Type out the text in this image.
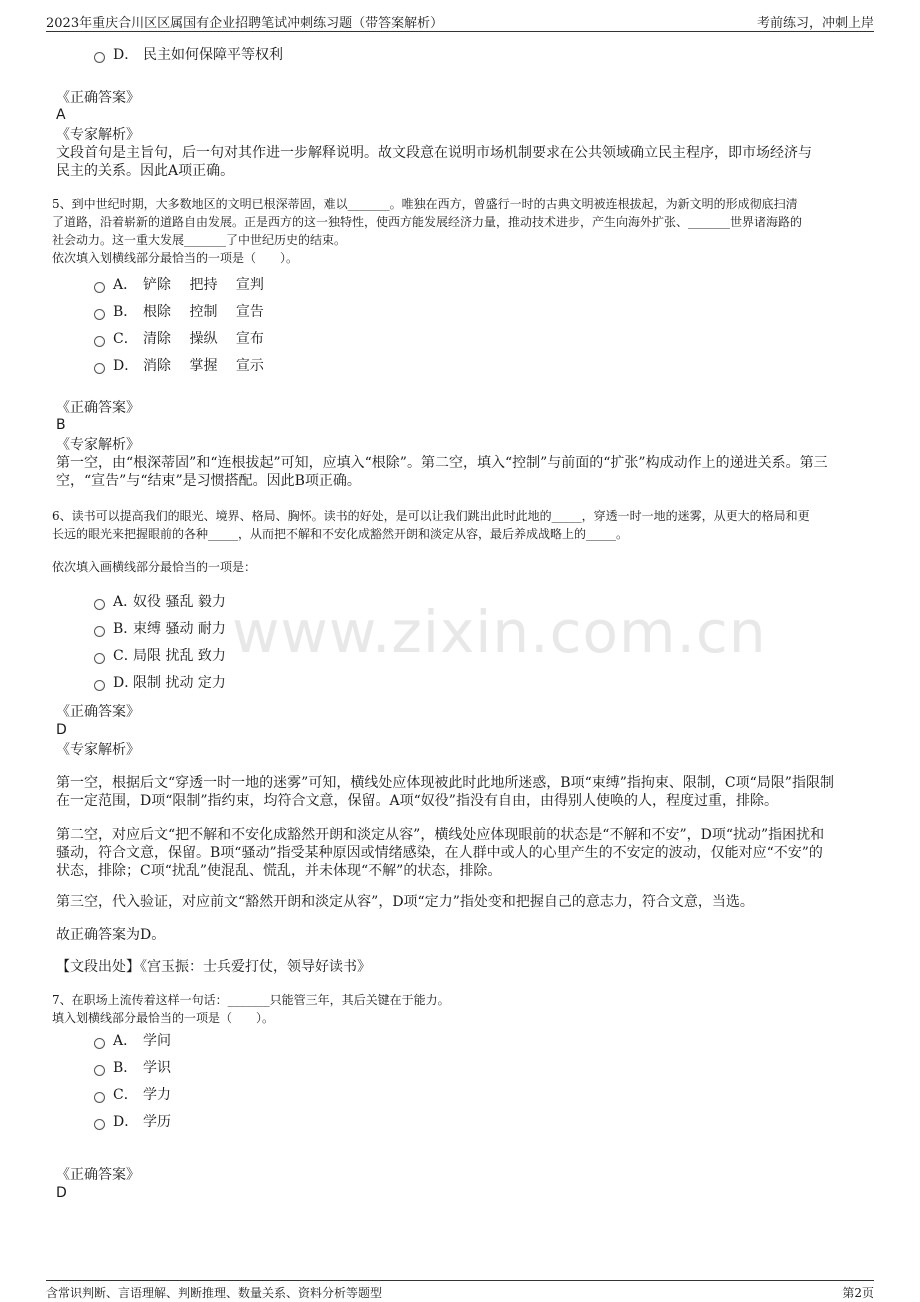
2023年重庆合川区区属国有企业招聘笔试冲刺练习题（带答案解析）	考前练习，冲刺上岸
www.zixin.com.cn
D． 民主如何保障平等权利
《正确答案》
A
《专家解析》
文段首句是主旨句，后一句对其作进一步解释说明。故文段意在说明市场机制要求在公共领域确立民主程序，即市场经济与
民主的关系。因此A项正确。
5、到中世纪时期，大多数地区的文明已根深蒂固，难以_______。唯独在西方，曾盛行一时的古典文明被连根拔起，为新文明的形成彻底扫清
了道路，沿着崭新的道路自由发展。正是西方的这一独特性，使西方能发展经济力量，推动技术进步，产生向海外扩张、_______世界诸海路的
社会动力。这一重大发展_______了中世纪历史的结束。
依次填入划横线部分最恰当的一项是（　　）。
A． 铲除　 把持　 宣判
B． 根除　 控制　 宣告
C． 清除　 操纵　 宣布
D． 消除　 掌握　 宣示
《正确答案》
B
《专家解析》
第一空，由“根深蒂固”和“连根拔起”可知，应填入“根除”。第二空，填入“控制”与前面的“扩张”构成动作上的递进关系。第三
空，“宣告”与“结束”是习惯搭配。因此B项正确。
6、读书可以提高我们的眼光、境界、格局、胸怀。读书的好处，是可以让我们跳出此时此地的_____，穿透一时一地的迷雾，从更大的格局和更
长远的眼光来把握眼前的各种_____，从而把不解和不安化成豁然开朗和淡定从容，最后养成战略上的_____。
依次填入画横线部分最恰当的一项是：
A．奴役 骚乱 毅力
B．束缚 骚动 耐力
C．局限 扰乱 致力
D．限制 扰动 定力
《正确答案》
D
《专家解析》
第一空，根据后文“穿透一时一地的迷雾”可知，横线处应体现被此时此地所迷惑，B项“束缚”指拘束、限制，C项“局限”指限制
在一定范围，D项“限制”指约束，均符合文意，保留。A项“奴役”指没有自由，由得别人使唤的人，程度过重，排除。
第二空，对应后文“把不解和不安化成豁然开朗和淡定从容”，横线处应体现眼前的状态是“不解和不安”，D项“扰动”指困扰和
骚动，符合文意，保留。B项“骚动”指受某种原因或情绪感染，在人群中或人的心里产生的不安定的波动，仅能对应“不安”的
状态，排除；C项“扰乱”使混乱、慌乱，并未体现“不解”的状态，排除。
第三空，代入验证，对应前文“豁然开朗和淡定从容”，D项“定力”指处变和把握自己的意志力，符合文意，当选。
故正确答案为D。
【文段出处】《宫玉振：士兵爱打仗，领导好读书》
7、在职场上流传着这样一句话：_______只能管三年，其后关键在于能力。
填入划横线部分最恰当的一项是（　　）。
A． 学问
B． 学识
C． 学力
D． 学历
《正确答案》
D
含常识判断、言语理解、判断推理、数量关系、资料分析等题型	第2页
